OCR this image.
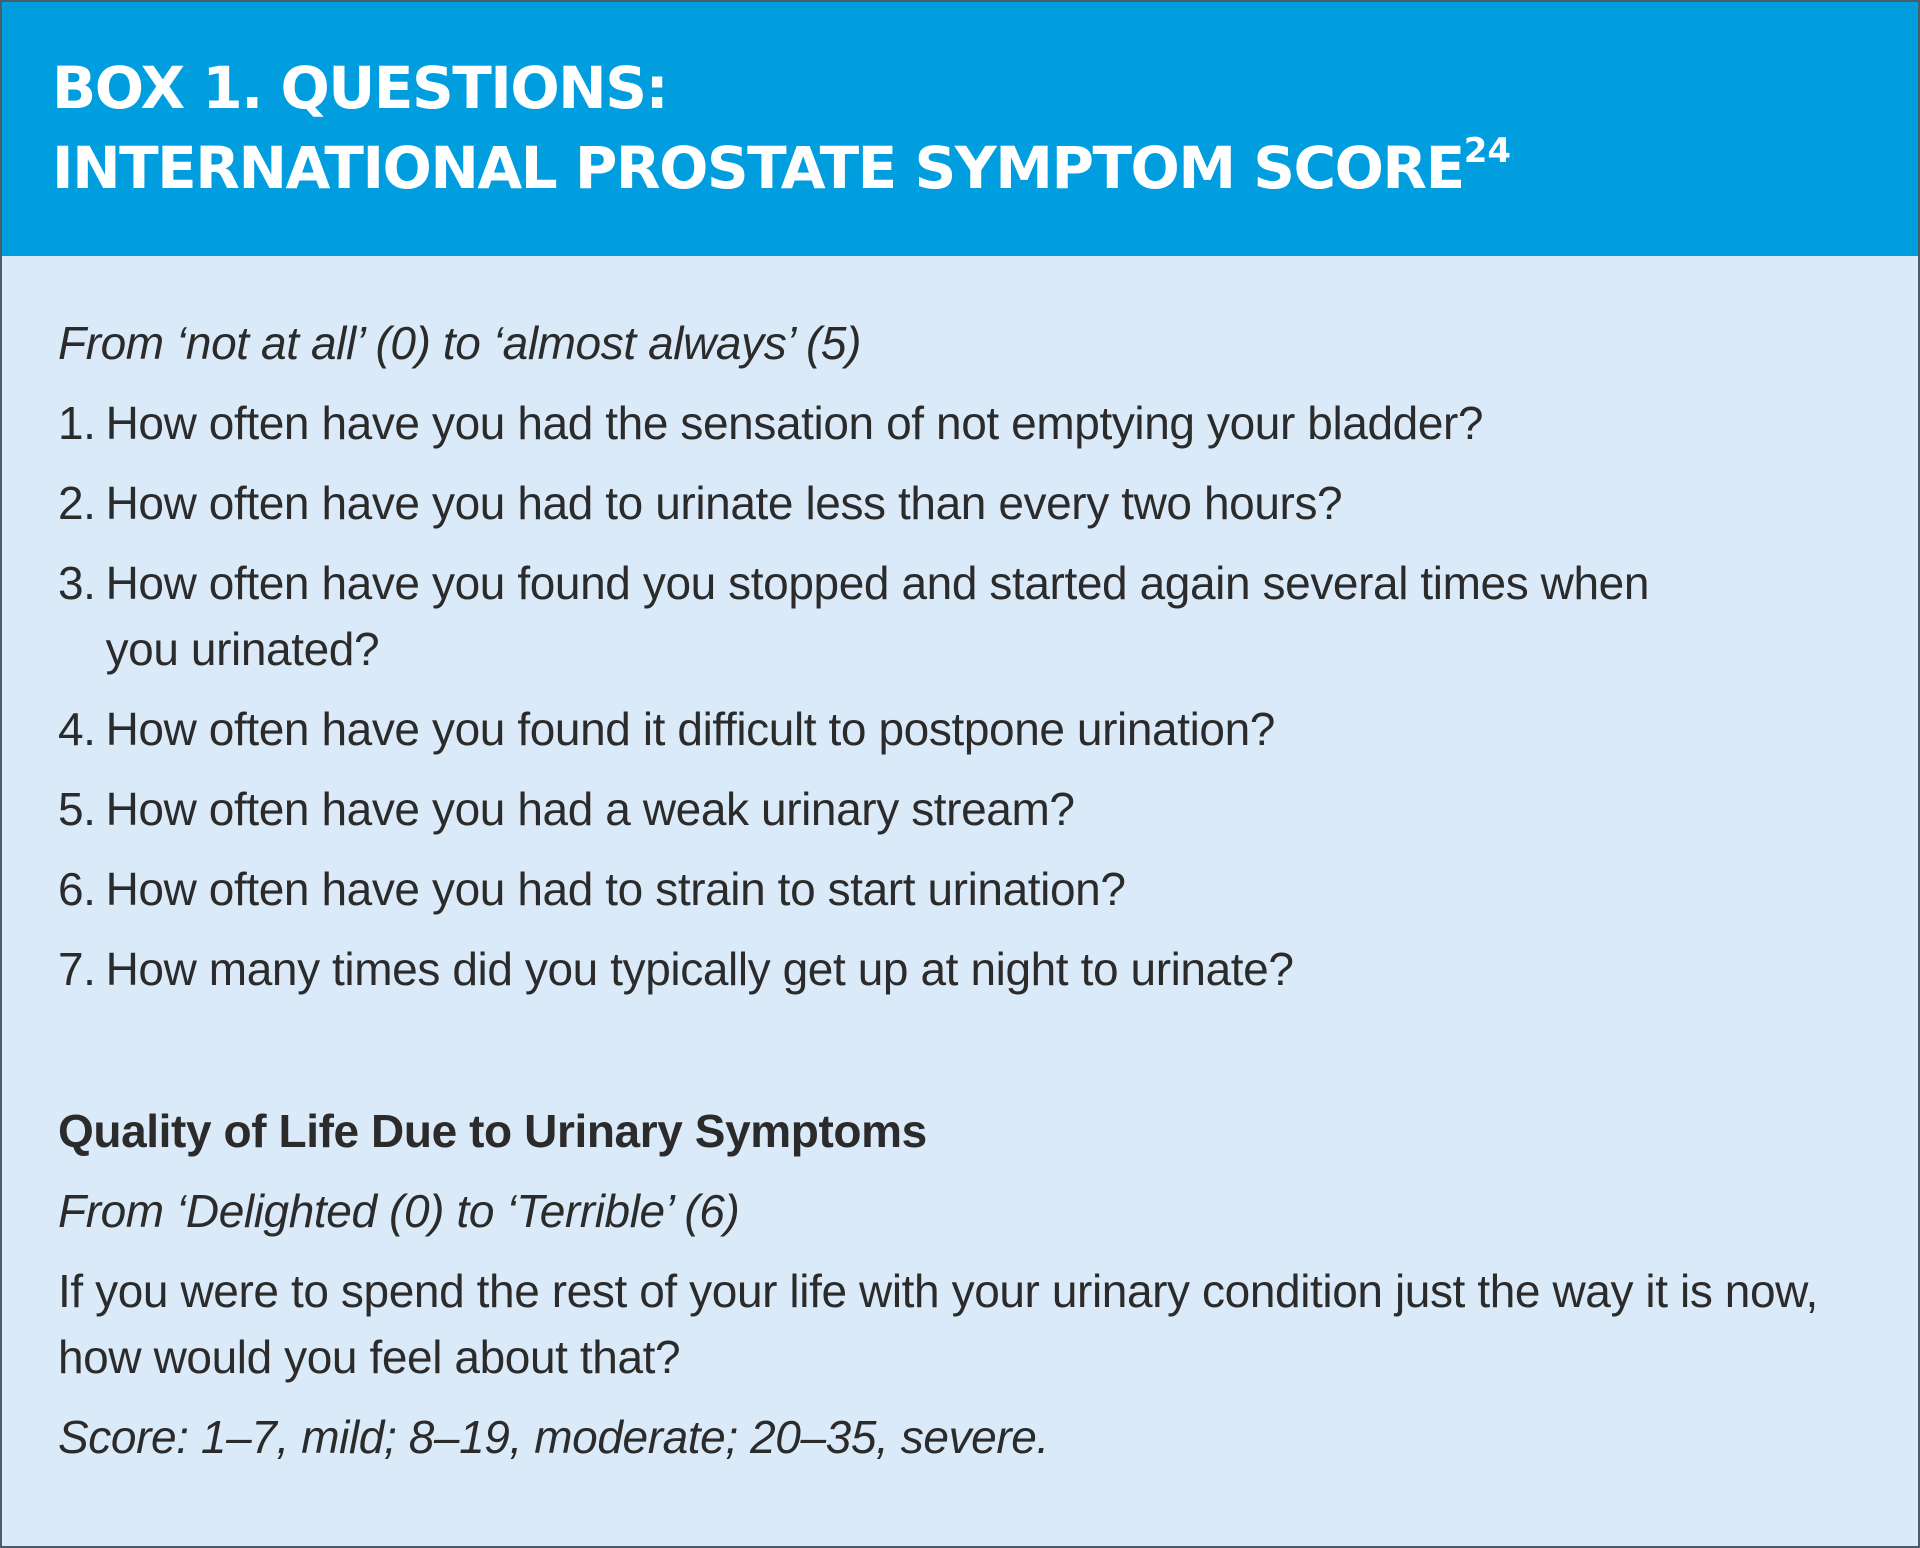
BOX 1. QUESTIONS:
INTERNATIONAL PROSTATE SYMPTOM SCORE$^{24}$
From ‘not at all’ (0) to ‘almost always’ (5)
1. How often have you had the sensation of not emptying your bladder?
2. How often have you had to urinate less than every two hours?
3. How often have you found you stopped and started again several times when you urinated?
4. How often have you found it difficult to postpone urination?
5. How often have you had a weak urinary stream?
6. How often have you had to strain to start urination?
7. How many times did you typically get up at night to urinate?
Quality of Life Due to Urinary Symptoms
From ‘Delighted (0) to ‘Terrible’ (6)
If you were to spend the rest of your life with your urinary condition just the way it is now, how would you feel about that?
Score: 1–7, mild; 8–19, moderate; 20–35, severe.
